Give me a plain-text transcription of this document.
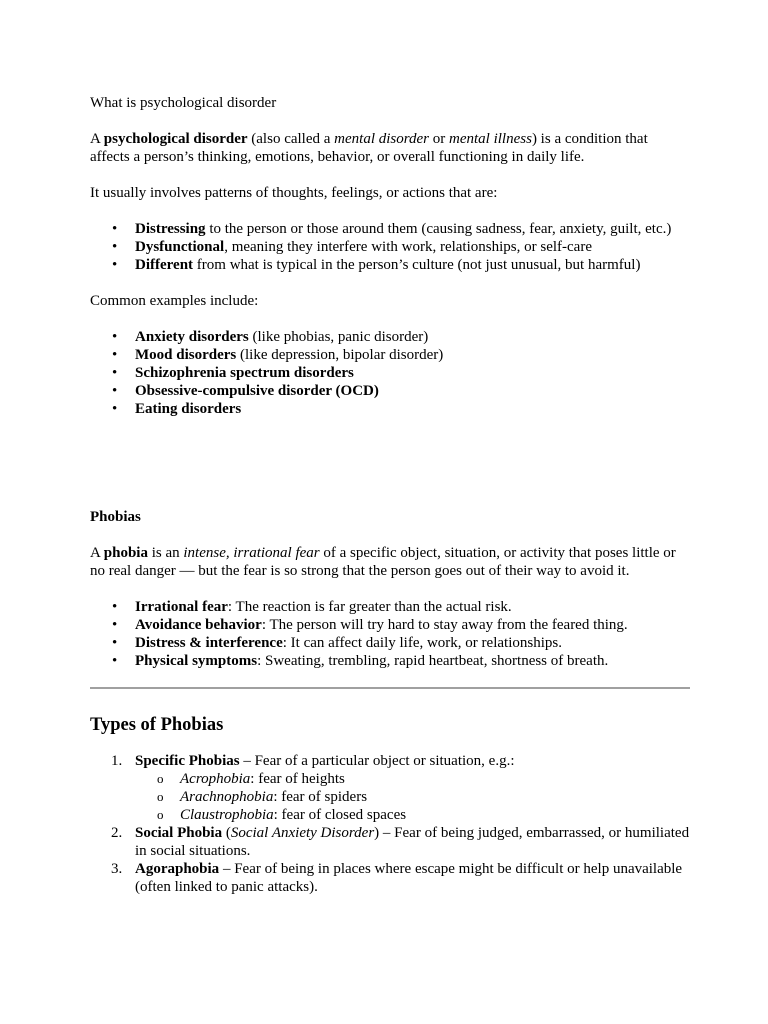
What is psychological disorder

A psychological disorder (also called a mental disorder or mental illness) is a condition that affects a person’s thinking, emotions, behavior, or overall functioning in daily life.

It usually involves patterns of thoughts, feelings, or actions that are:

• Distressing to the person or those around them (causing sadness, fear, anxiety, guilt, etc.)
• Dysfunctional, meaning they interfere with work, relationships, or self-care
• Different from what is typical in the person’s culture (not just unusual, but harmful)

Common examples include:

• Anxiety disorders (like phobias, panic disorder)
• Mood disorders (like depression, bipolar disorder)
• Schizophrenia spectrum disorders
• Obsessive-compulsive disorder (OCD)
• Eating disorders

Phobias

A phobia is an intense, irrational fear of a specific object, situation, or activity that poses little or no real danger — but the fear is so strong that the person goes out of their way to avoid it.

• Irrational fear: The reaction is far greater than the actual risk.
• Avoidance behavior: The person will try hard to stay away from the feared thing.
• Distress & interference: It can affect daily life, work, or relationships.
• Physical symptoms: Sweating, trembling, rapid heartbeat, shortness of breath.
Types of Phobias
1. Specific Phobias – Fear of a particular object or situation, e.g.:
o Acrophobia: fear of heights
o Arachnophobia: fear of spiders
o Claustrophobia: fear of closed spaces
2. Social Phobia (Social Anxiety Disorder) – Fear of being judged, embarrassed, or humiliated in social situations.
3. Agoraphobia – Fear of being in places where escape might be difficult or help unavailable (often linked to panic attacks).
